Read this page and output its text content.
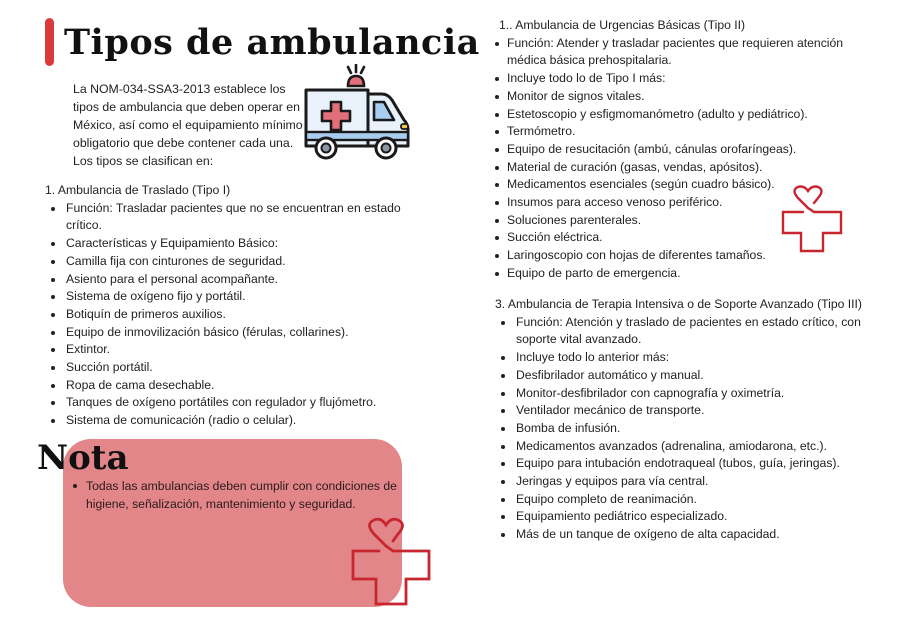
Tipos de ambulancia

La NOM-034-SSA3-2013 establece los tipos de ambulancia que deben operar en México, así como el equipamiento mínimo obligatorio que debe contener cada una. Los tipos se clasifican en:

1. Ambulancia de Traslado (Tipo I)
Función: Trasladar pacientes que no se encuentran en estado crítico.
Características y Equipamiento Básico:
Camilla fija con cinturones de seguridad.
Asiento para el personal acompañante.
Sistema de oxígeno fijo y portátil.
Botiquín de primeros auxilios.
Equipo de inmovilización básico (férulas, collarines).
Extintor.
Succión portátil.
Ropa de cama desechable.
Tanques de oxígeno portátiles con regulador y flujómetro.
Sistema de comunicación (radio o celular).
1.. Ambulancia de Urgencias Básicas (Tipo II)
Función: Atender y trasladar pacientes que requieren atención médica básica prehospitalaria.
Incluye todo lo de Tipo I más:
Monitor de signos vitales.
Estetoscopio y esfigmomanómetro (adulto y pediátrico).
Termómetro.
Equipo de resucitación (ambú, cánulas orofaríngeas).
Material de curación (gasas, vendas, apósitos).
Medicamentos esenciales (según cuadro básico).
Insumos para acceso venoso periférico.
Soluciones parenterales.
Succión eléctrica.
Laringoscopio con hojas de diferentes tamaños.
Equipo de parto de emergencia.
3. Ambulancia de Terapia Intensiva o de Soporte Avanzado (Tipo III)
Función: Atención y traslado de pacientes en estado crítico, con soporte vital avanzado.
Incluye todo lo anterior más:
Desfibrilador automático y manual.
Monitor-desfibrilador con capnografía y oximetría.
Ventilador mecánico de transporte.
Bomba de infusión.
Medicamentos avanzados (adrenalina, amiodarona, etc.).
Equipo para intubación endotraqueal (tubos, guía, jeringas).
Jeringas y equipos para vía central.
Equipo completo de reanimación.
Equipamiento pediátrico especializado.
Más de un tanque de oxígeno de alta capacidad.
Nota
Todas las ambulancias deben cumplir con condiciones de higiene, señalización, mantenimiento y seguridad.
